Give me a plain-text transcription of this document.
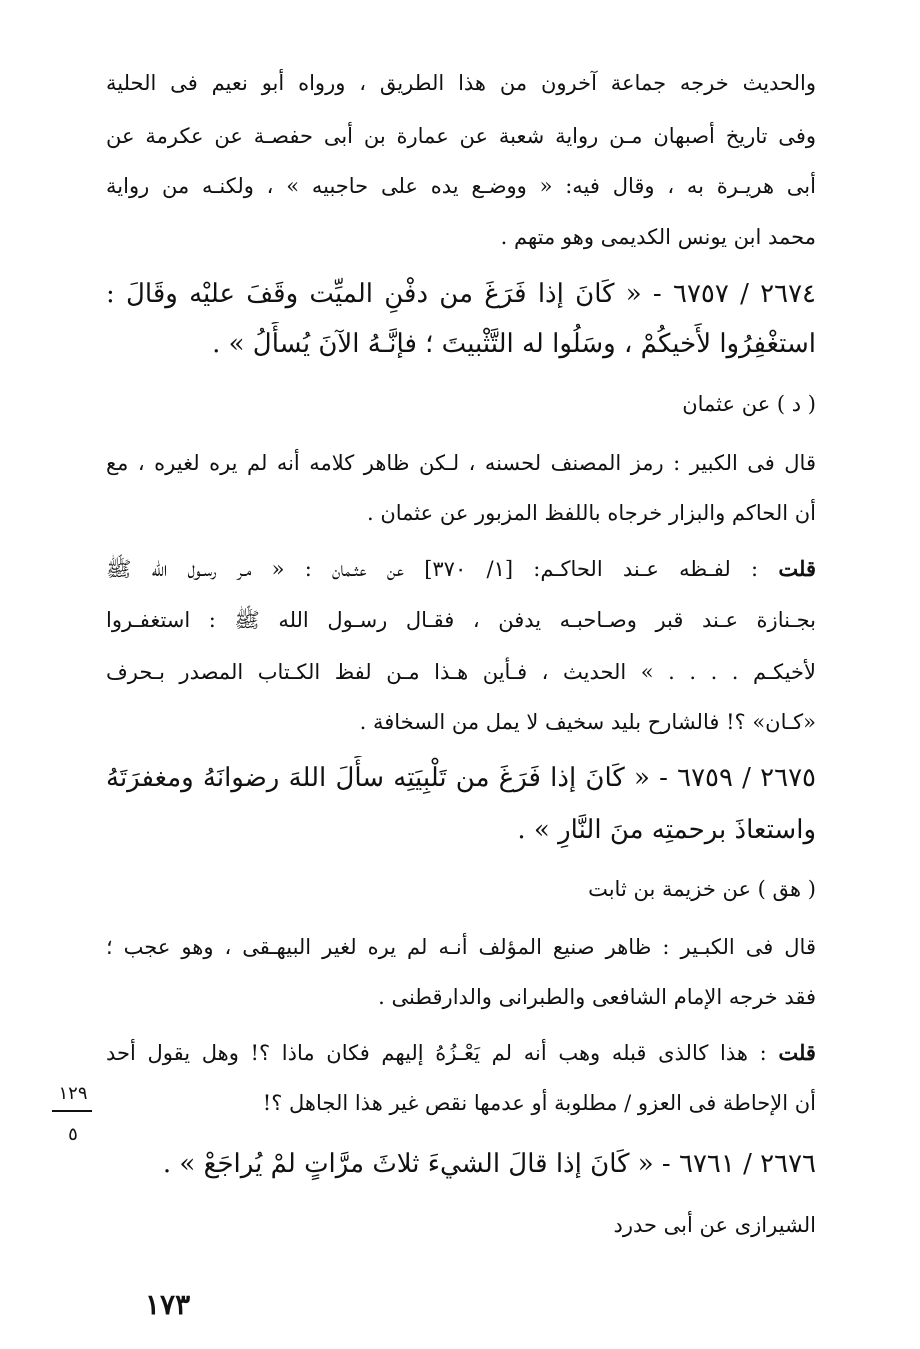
والحديث خرجه جماعة آخرون من هذا الطريق ، ورواه أبو نعيم فى الحلية
وفى تاريخ أصبهان مـن رواية شعبة عن عمارة بن أبى حفصـة عن عكرمة عن
أبى هريـرة به ، وقال فيه: « ووضـع يده على حاجبيه » ، ولكنـه من رواية
محمد ابن يونس الكديمى وهو متهم .
٢٦٧٤ / ٦٧٥٧ - « كَانَ إذا فَرَغَ من دفْنِ الميِّت وقَفَ عليْه وقَالَ :
استغْفِرُوا لأَخيكُمْ ، وسَلُوا له التَّثْبيتَ ؛ فإنَّـهُ الآنَ يُسأَلُ » .
( د ) عن عثمان
قال فى الكبير : رمز المصنف لحسنه ، لـكن ظاهر كلامه أنه لم يره لغيره ، مع
أن الحاكم والبزار خرجاه باللفظ المزبور عن عثمان .
قلت : لفـظه عـند الحاكـم: [١/ ٣٧٠] عن عثـمان : « مـر رسـول الله ﷺ
بجـنازة عـند قبر وصـاحبـه يدفن ، فقـال رسـول الله ﷺ : استغفـروا
لأخيكـم . . . . » الحديث ، فـأين هـذا مـن لفظ الكـتاب المصدر بـحرف
«كـان» ؟! فالشارح بليد سخيف لا يمل من السخافة .
٢٦٧٥ / ٦٧٥٩ - « كَانَ إذا فَرَغَ من تَلْبِيَتِه سأَلَ اللهَ رضوانَهُ ومغفرَتَهُ
واستعاذَ برحمتِه منَ النَّارِ » .
( هق ) عن خزيمة بن ثابت
قال فى الكبـير : ظاهر صنيع المؤلف أنـه لم يره لغير البيهـقى ، وهو عجب ؛
فقد خرجه الإمام الشافعى والطبرانى والدارقطنى .
قلت : هذا كالذى قبله وهب أنه لم يَعْـزُهُ إليهم فكان ماذا ؟! وهل يقول أحد
أن الإحاطة فى العزو / مطلوبة أو عدمها نقص غير هذا الجاهل ؟!
٢٦٧٦ / ٦٧٦١ - « كَانَ إذا قالَ الشيءَ ثلاثَ مرَّاتٍ لمْ يُراجَعْ » .
الشيرازى عن أبى حدرد
١٢٩
٥
١٧٣
